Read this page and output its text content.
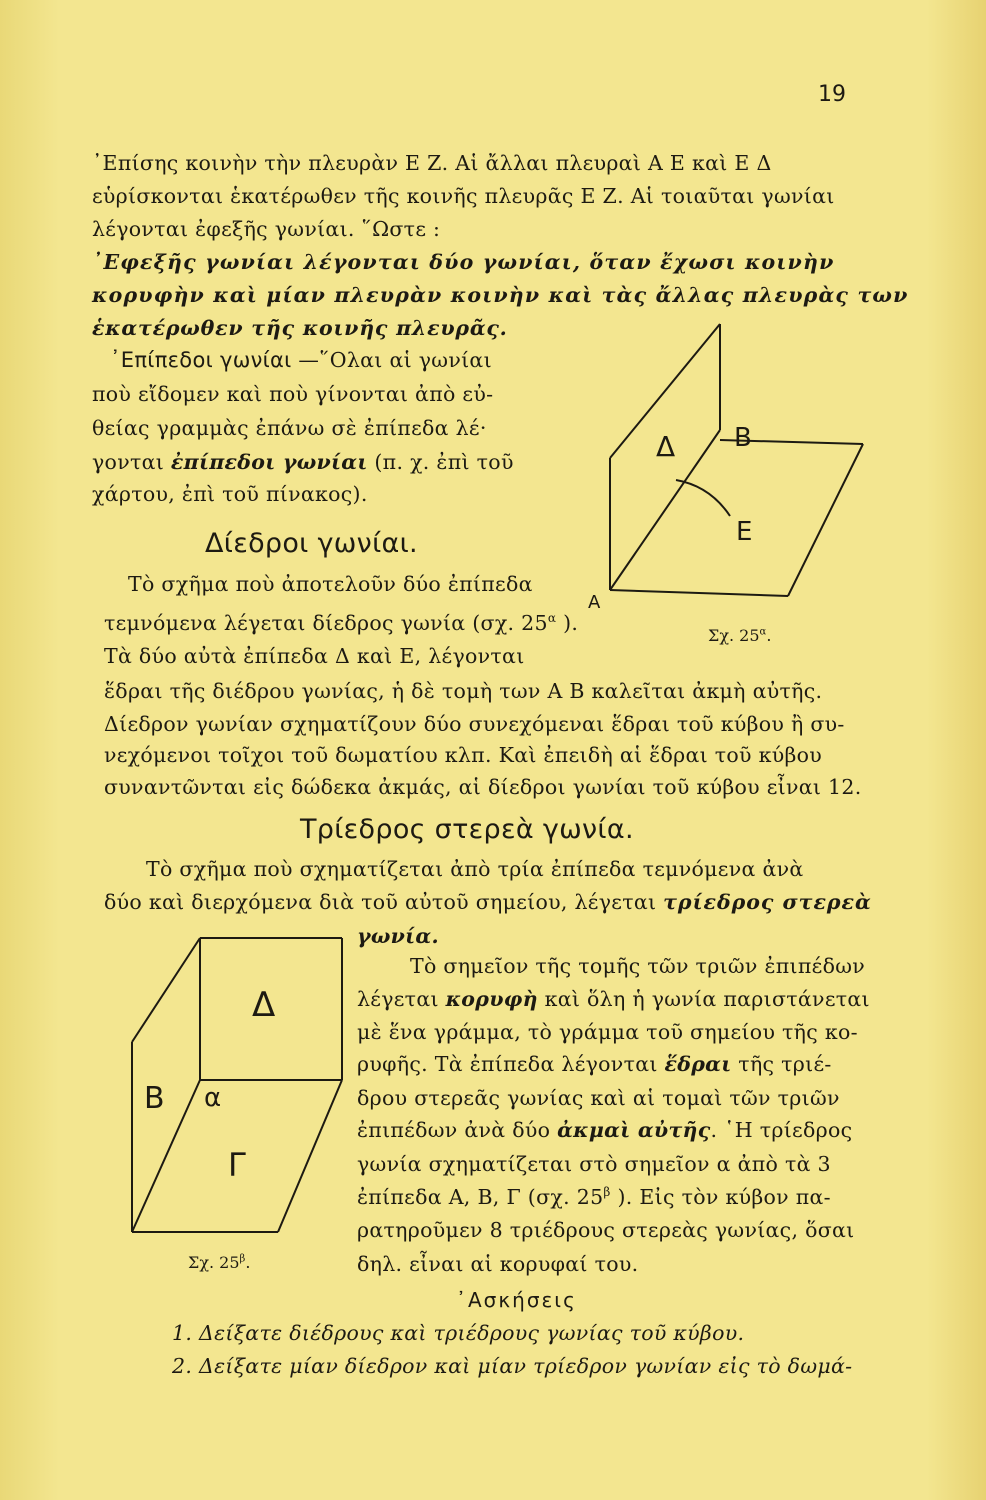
19
᾿Επίσης κοινὴν τὴν πλευρὰν Ε Ζ. Αἱ ἄλλαι πλευραὶ Α Ε καὶ Ε Δ
εὑρίσκονται ἑκατέρωθεν τῆς κοινῆς πλευρᾶς Ε Ζ. Αἱ τοιαῦται γωνίαι
λέγονται ἐφεξῆς γωνίαι. ῞Ωστε :
᾿Εφεξῆς γωνίαι λέγονται δύο γωνίαι, ὅταν ἔχωσι κοινὴν
κορυφὴν καὶ μίαν πλευρὰν κοινὴν καὶ τὰς ἄλλας πλευρὰς των
ἑκατέρωθεν τῆς κοινῆς πλευρᾶς.
᾿Επίπεδοι γωνίαι —῞Ολαι αἱ γωνίαι
ποὺ εἴδομεν καὶ ποὺ γίνονται ἀπὸ εὐ-
θείας γραμμὰς ἐπάνω σὲ ἐπίπεδα λέ·
γονται ἐπίπεδοι γωνίαι (π. χ. ἐπὶ τοῦ
χάρτου, ἐπὶ τοῦ πίνακος).
Δίεδροι γωνίαι.
Τὸ σχῆμα ποὺ ἀποτελοῦν δύο ἐπίπεδα
τεμνόμενα λέγεται δίεδρος γωνία (σχ. $25^\alpha$ ).
Τὰ δύο αὐτὰ ἐπίπεδα Δ καὶ Ε, λέγονται
ἕδραι τῆς διέδρου γωνίας, ἡ δὲ τομὴ των Α Β καλεῖται ἀκμὴ αὐτῆς.
Δίεδρον γωνίαν σχηματίζουν δύο συνεχόμεναι ἕδραι τοῦ κύβου ἢ συ-
νεχόμενοι τοῖχοι τοῦ δωματίου κλπ. Καὶ ἐπειδὴ αἱ ἕδραι τοῦ κύβου
συναντῶνται εἰς δώδεκα ἀκμάς, αἱ δίεδροι γωνίαι τοῦ κύβου εἶναι 12.
Δ Β
Ε
Α
Σχ. $25^\alpha$.
Τρίεδρος στερεὰ γωνία.
Τὸ σχῆμα ποὺ σχηματίζεται ἀπὸ τρία ἐπίπεδα τεμνόμενα ἀνὰ
δύο καὶ διερχόμενα διὰ τοῦ αὐτοῦ σημείου, λέγεται τρίεδρος στερεὰ
γωνία.
Τὸ σημεῖον τῆς τομῆς τῶν τριῶν ἐπιπέδων
λέγεται κορυφὴ καὶ ὅλη ἡ γωνία παριστάνεται
μὲ ἕνα γράμμα, τὸ γράμμα τοῦ σημείου τῆς κο-
ρυφῆς. Τὰ ἐπίπεδα λέγονται ἕδραι τῆς τριέ-
δρου στερεᾶς γωνίας καὶ αἱ τομαὶ τῶν τριῶν
ἐπιπέδων ἀνὰ δύο ἀκμαὶ αὐτῆς. ῾Η τρίεδρος
γωνία σχηματίζεται στὸ σημεῖον α ἀπὸ τὰ 3
ἐπίπεδα Α, Β, Γ (σχ. $25^\beta$ ). Εἰς τὸν κύβον πα-
ρατηροῦμεν 8 τριέδρους στερεὰς γωνίας, ὅσαι
δηλ. εἶναι αἱ κορυφαί του.
Δ
Β α
Γ
Σχ. $25^\beta$.
᾿Ασκήσεις
1. Δείξατε διέδρους καὶ τριέδρους γωνίας τοῦ κύβου.
2. Δείξατε μίαν δίεδρον καὶ μίαν τρίεδρον γωνίαν εἰς τὸ δωμά-
